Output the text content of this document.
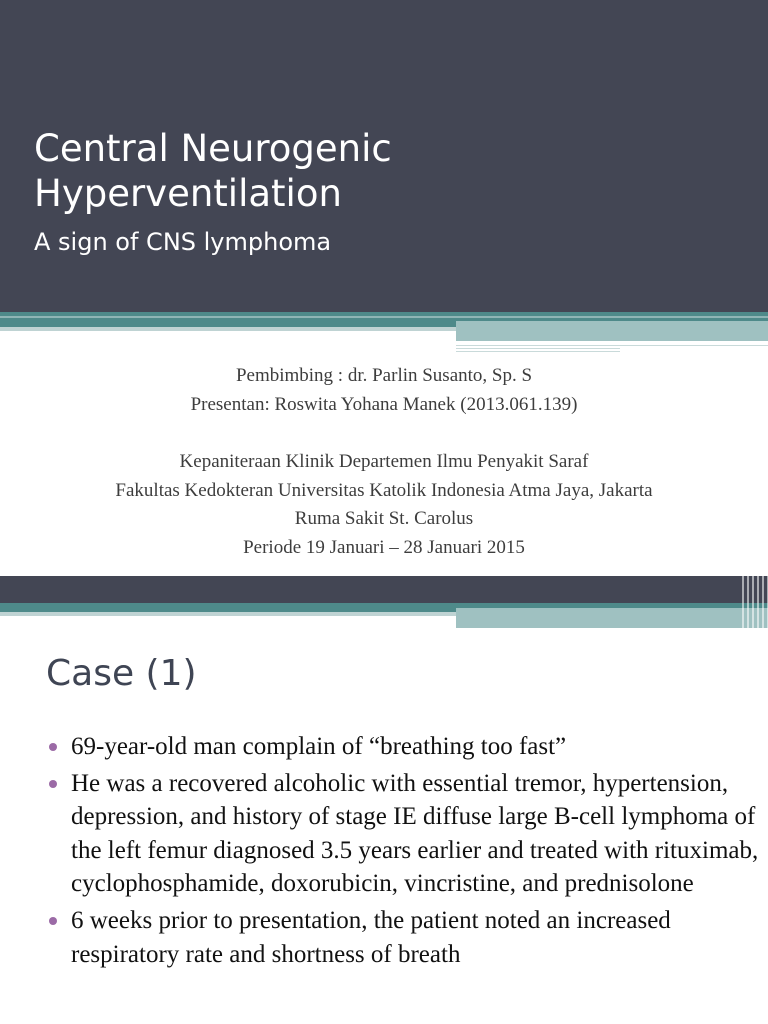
Central Neurogenic
Hyperventilation
A sign of CNS lymphoma

Pembimbing : dr. Parlin Susanto, Sp. S

Presentan: Roswita Yohana Manek (2013.061.139)

Kepaniteraan Klinik Departemen Ilmu Penyakit Saraf

Fakultas Kedokteran Universitas Katolik Indonesia Atma Jaya, Jakarta

Ruma Sakit St. Carolus

Periode 19 Januari – 28 Januari 2015

Case (1)
69-year-old man complain of “breathing too fast”
He was a recovered alcoholic with essential tremor, hypertension, depression, and history of stage IE diffuse large B-cell lymphoma of the left femur diagnosed 3.5 years earlier and treated with rituximab, cyclophosphamide, doxorubicin, vincristine, and prednisolone
6 weeks prior to presentation, the patient noted an increased respiratory rate and shortness of breath
